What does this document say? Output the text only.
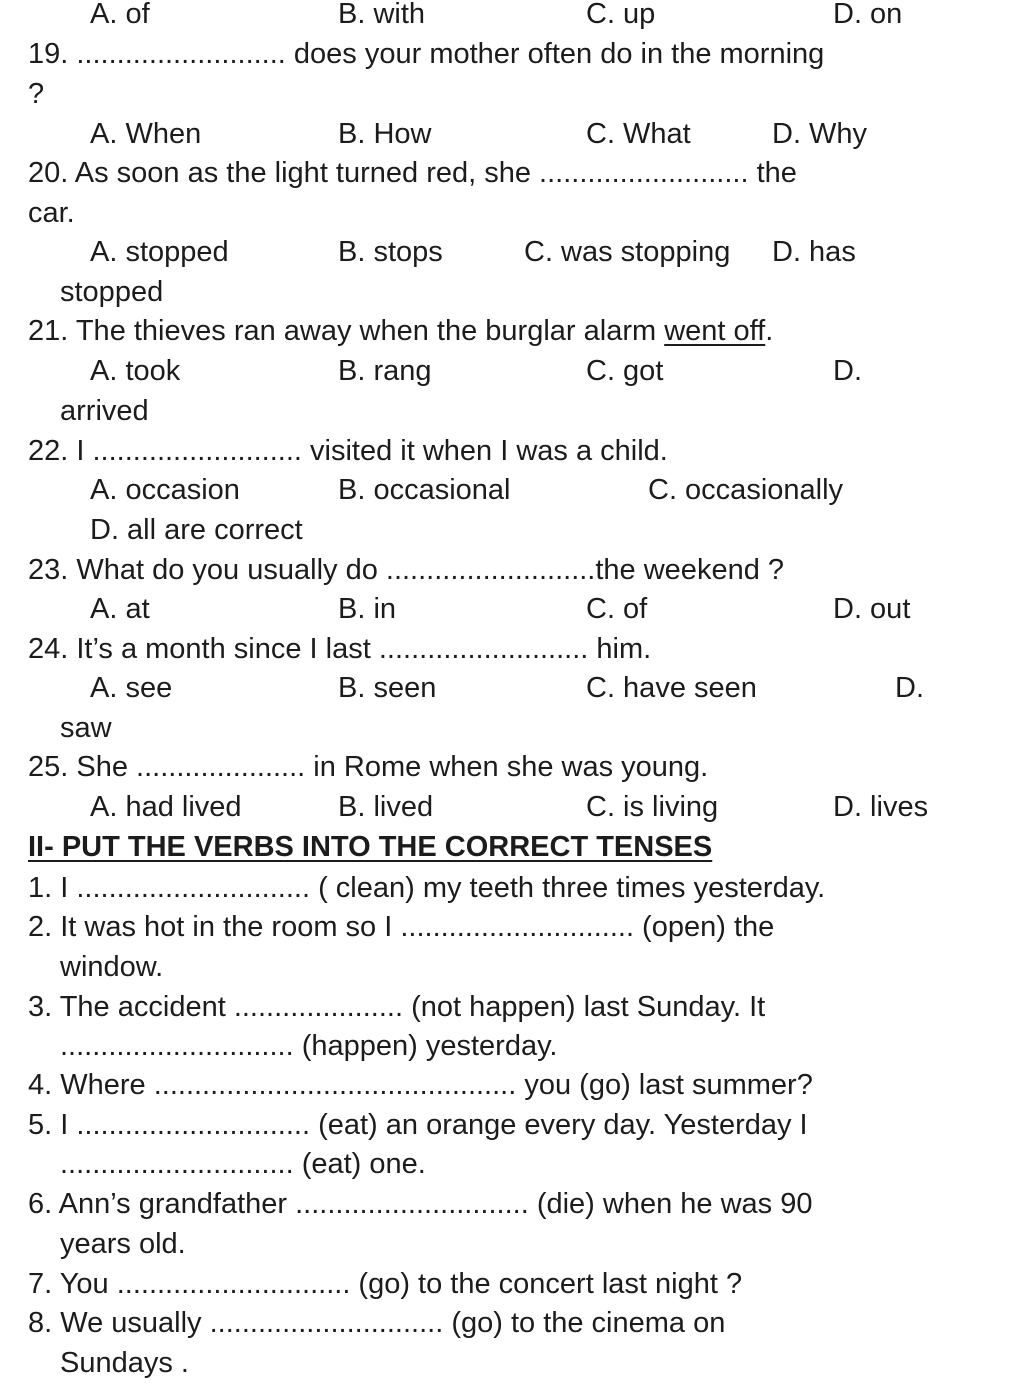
A. of	B. with	C. up	D. on
19. .......................... does your mother often do in the morning
?
A. When	B. How	C. What	D. Why
20. As soon as the light turned red, she .......................... the
car.
A. stopped	B. stops	C. was stopping D. has
stopped
21. The thieves ran away when the burglar alarm went off.
A. took	B. rang	C. got	D.
arrived
22. I .......................... visited it when I was a child.
A. occasion	B. occasional	C. occasionally
D. all are correct
23. What do you usually do ..........................the weekend ?
A. at	B. in	C. of	D. out
24. It’s a month since I last .......................... him.
A. see	B. seen	C. have seen	D.
saw
25. She ..................... in Rome when she was young.
A. had lived	B. lived	C. is living	D. lives
II- PUT THE VERBS INTO THE CORRECT TENSES
1. I ............................. ( clean) my teeth three times yesterday.
2. It was hot in the room so I ............................. (open) the
window.
3. The accident ..................... (not happen) last Sunday. It
............................. (happen) yesterday.
4. Where ............................................. you (go) last summer?
5. I ............................. (eat) an orange every day. Yesterday I
............................. (eat) one.
6. Ann’s grandfather ............................. (die) when he was 90
years old.
7. You ............................. (go) to the concert last night ?
8. We usually ............................. (go) to the cinema on
Sundays .
